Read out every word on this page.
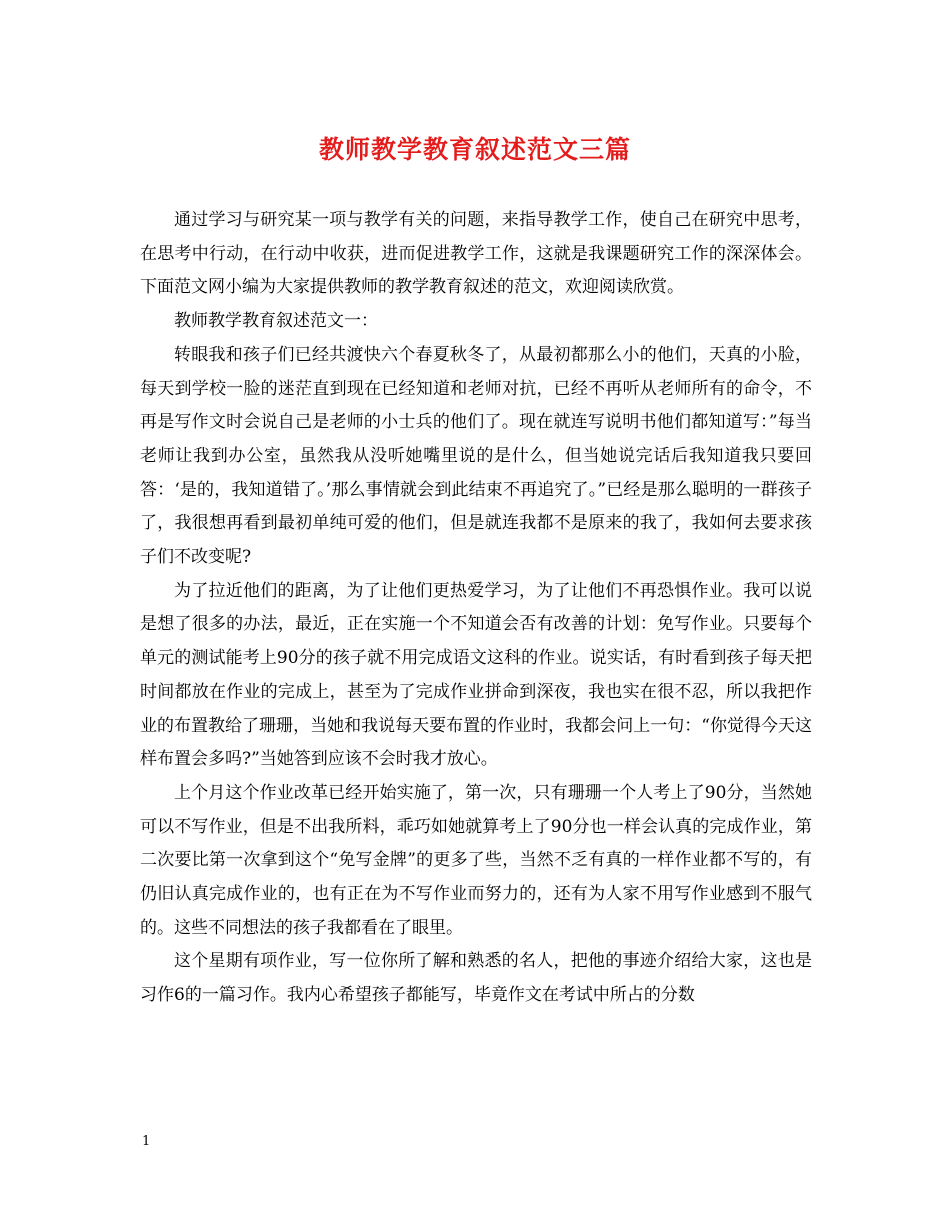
教师教学教育叙述范文三篇

通过学习与研究某一项与教学有关的问题，来指导教学工作，使自己在研究中思考，在思考中行动，在行动中收获，进而促进教学工作，这就是我课题研究工作的深深体会。下面范文网小编为大家提供教师的教学教育叙述的范文，欢迎阅读欣赏。

教师教学教育叙述范文一：

转眼我和孩子们已经共渡快六个春夏秋冬了，从最初都那么小的他们，天真的小脸，每天到学校一脸的迷茫直到现在已经知道和老师对抗，已经不再听从老师所有的命令，不再是写作文时会说自己是老师的小士兵的他们了。现在就连写说明书他们都知道写：”每当老师让我到办公室，虽然我从没听她嘴里说的是什么，但当她说完话后我知道我只要回答：‘是的，我知道错了。’那么事情就会到此结束不再追究了。”已经是那么聪明的一群孩子了，我很想再看到最初单纯可爱的他们，但是就连我都不是原来的我了，我如何去要求孩子们不改变呢?

为了拉近他们的距离，为了让他们更热爱学习，为了让他们不再恐惧作业。我可以说是想了很多的办法，最近，正在实施一个不知道会否有改善的计划：免写作业。只要每个单元的测试能考上90分的孩子就不用完成语文这科的作业。说实话，有时看到孩子每天把时间都放在作业的完成上，甚至为了完成作业拼命到深夜，我也实在很不忍，所以我把作业的布置教给了珊珊，当她和我说每天要布置的作业时，我都会问上一句：“你觉得今天这样布置会多吗?”当她答到应该不会时我才放心。

上个月这个作业改革已经开始实施了，第一次，只有珊珊一个人考上了90分，当然她可以不写作业，但是不出我所料，乖巧如她就算考上了90分也一样会认真的完成作业，第二次要比第一次拿到这个“免写金牌”的更多了些，当然不乏有真的一样作业都不写的，有仍旧认真完成作业的，也有正在为不写作业而努力的，还有为人家不用写作业感到不服气的。这些不同想法的孩子我都看在了眼里。

这个星期有项作业，写一位你所了解和熟悉的名人，把他的事迹介绍给大家，这也是习作6的一篇习作。我内心希望孩子都能写，毕竟作文在考试中所占的分数

1
